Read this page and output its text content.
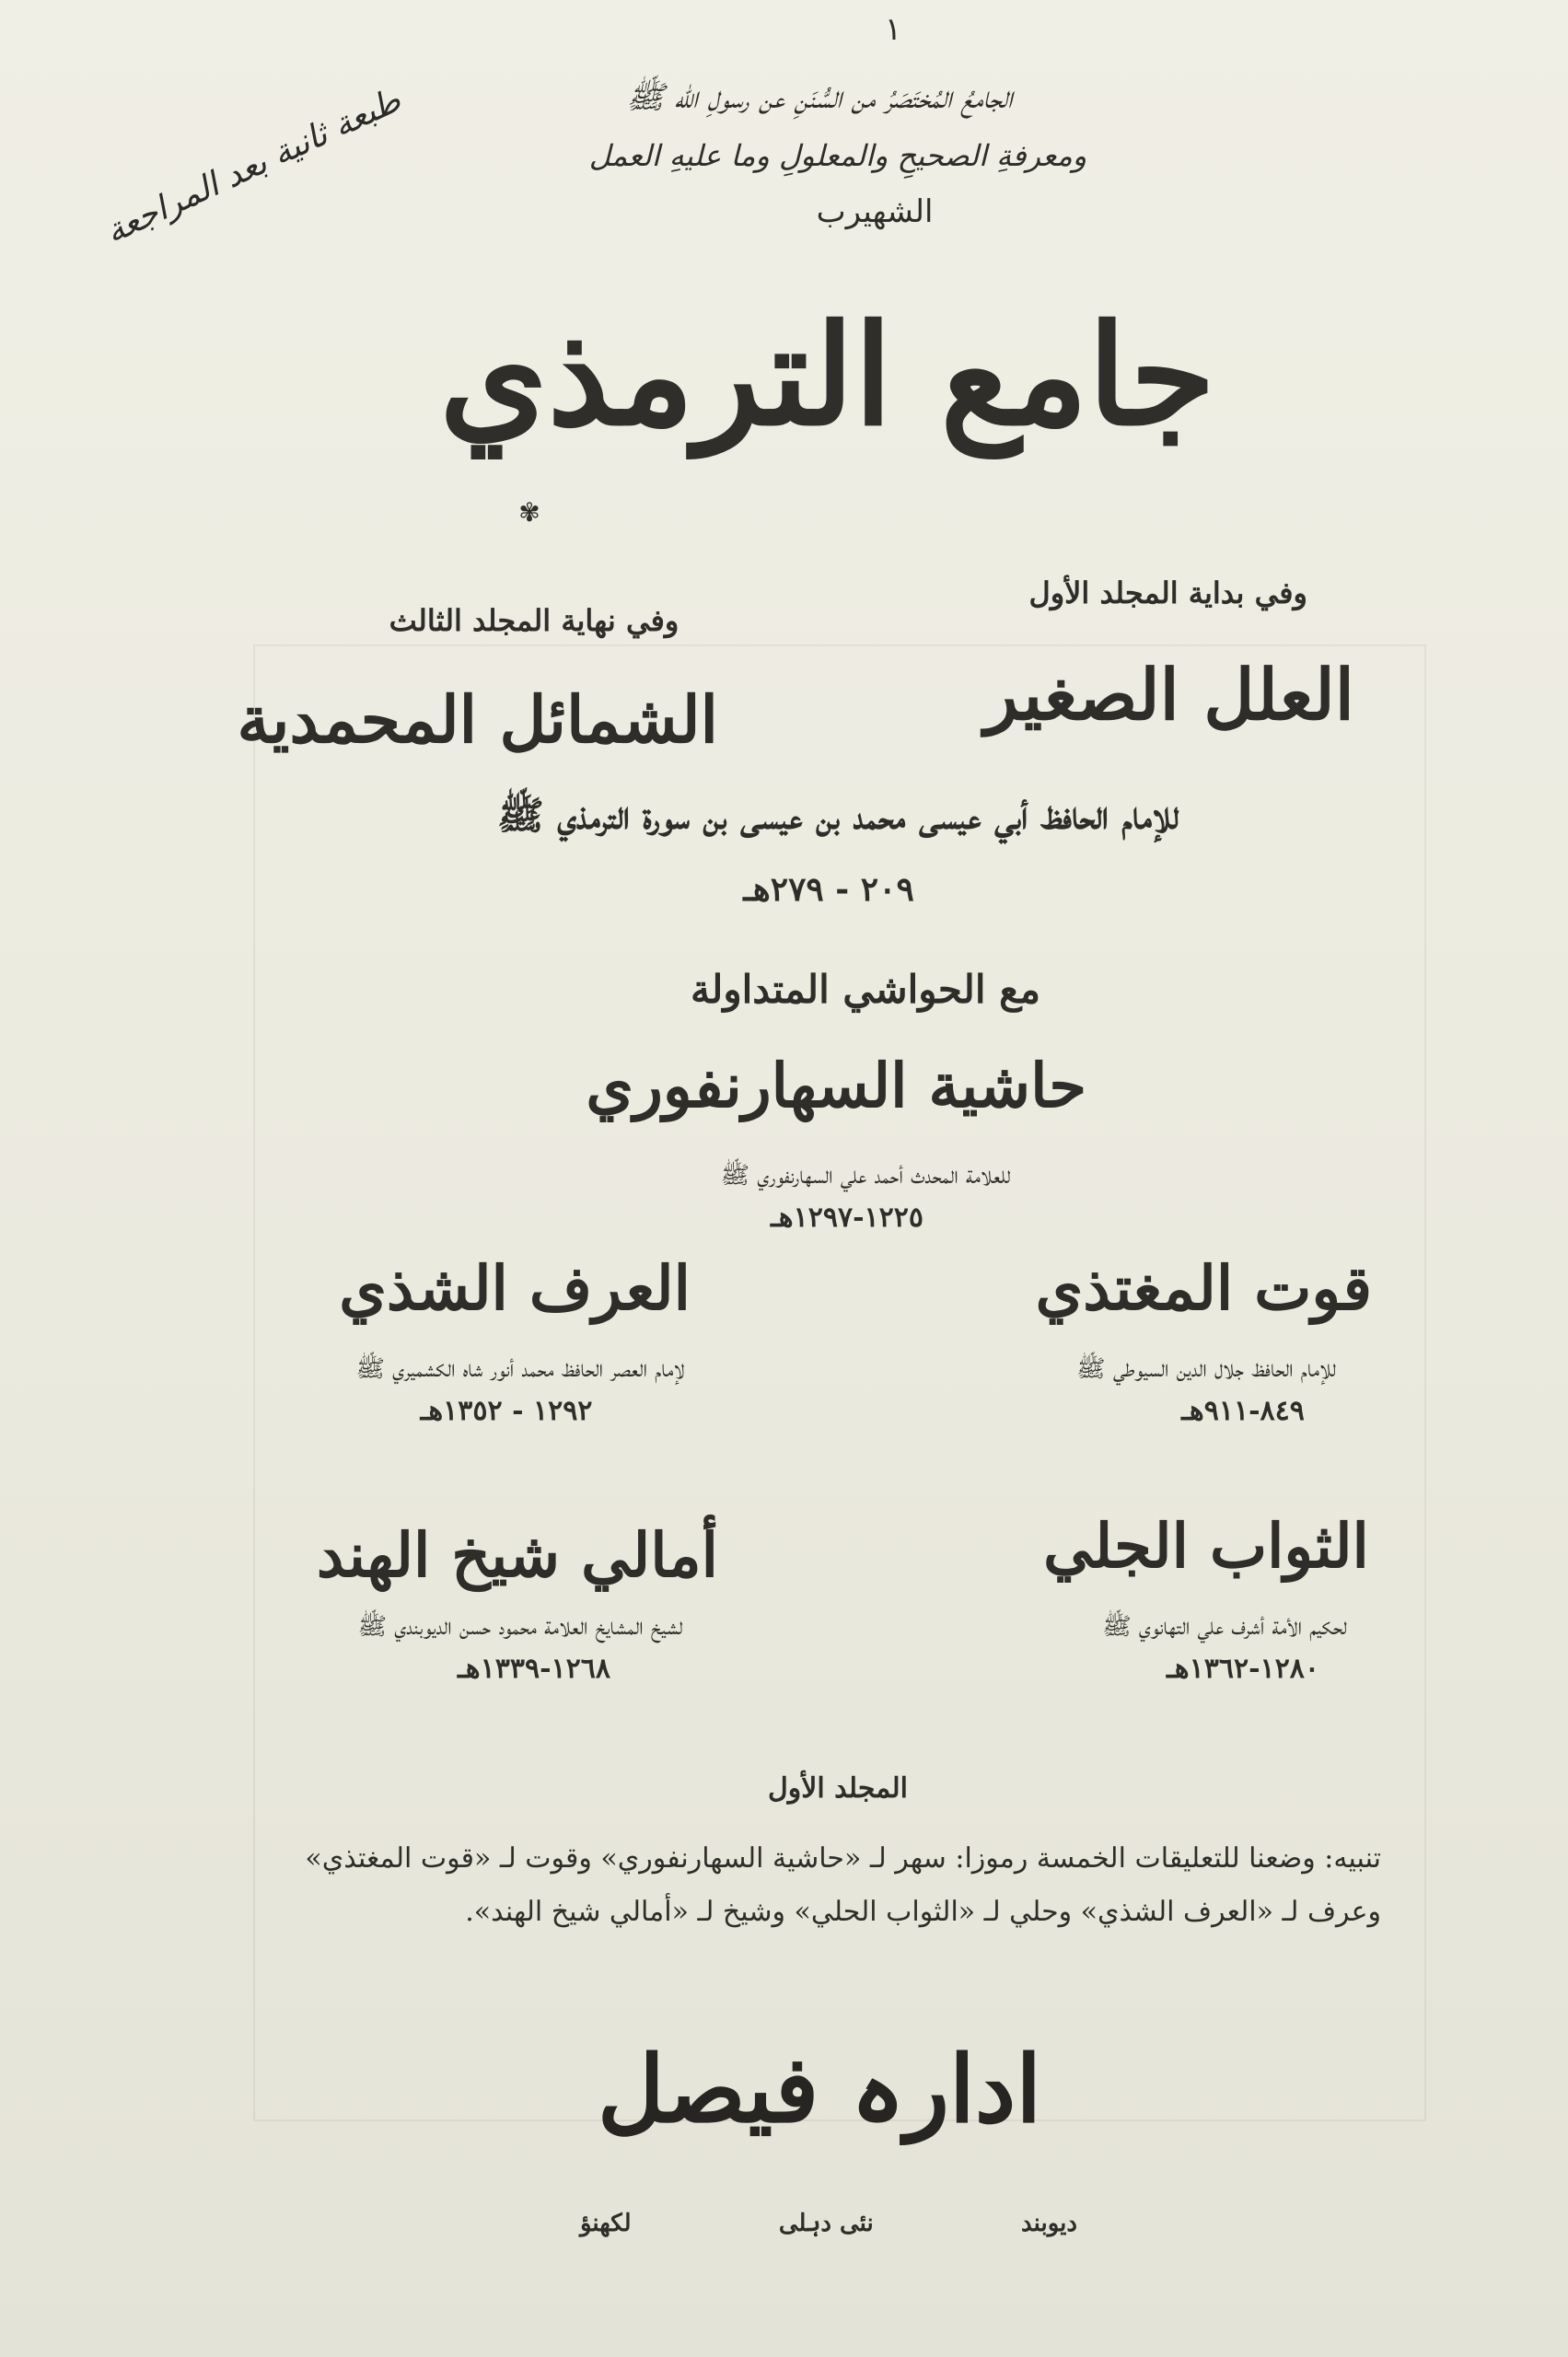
١
الجامعُ المُختَصَرُ من السُّنَنِ عن رسولِ الله ﷺ
ومعرفةِ الصحيحِ والمعلولِ وما عليهِ العمل
الشهيرب
طبعة ثانية بعد المراجعة
جامع الترمذي
✾
وفي بداية المجلد الأول
وفي نهاية المجلد الثالث
العلل الصغير
الشمائل المحمدية
للإمام الحافظ أبي عيسى محمد بن عيسى بن سورة الترمذي ﷺ
٢٠٩ - ٢٧٩هـ
مع الحواشي المتداولة
حاشية السهارنفوري
للعلامة المحدث أحمد علي السهارنفوري ﷺ
١٢٢٥-١٢٩٧هـ
قوت المغتذي
للإمام الحافظ جلال الدين السيوطي ﷺ
٨٤٩-٩١١هـ
العرف الشذي
لإمام العصر الحافظ محمد أنور شاه الكشميري ﷺ
١٢٩٢ - ١٣٥٢هـ
الثواب الجلي
لحكيم الأمة أشرف علي التهانوي ﷺ
١٢٨٠-١٣٦٢هـ
أمالي شيخ الهند
لشيخ المشايخ العلامة محمود حسن الديوبندي ﷺ
١٢٦٨-١٣٣٩هـ
المجلد الأول
تنبيه: وضعنا للتعليقات الخمسة رموزا: سهر لـ «حاشية السهارنفوري» وقوت لـ «قوت المغتذي»
وعرف لـ «العرف الشذي» وحلي لـ «الثواب الحلي» وشيخ لـ «أمالي شيخ الهند».
ادارہ فیصل
دیوبند
نئی دہلی
لکھنؤ
